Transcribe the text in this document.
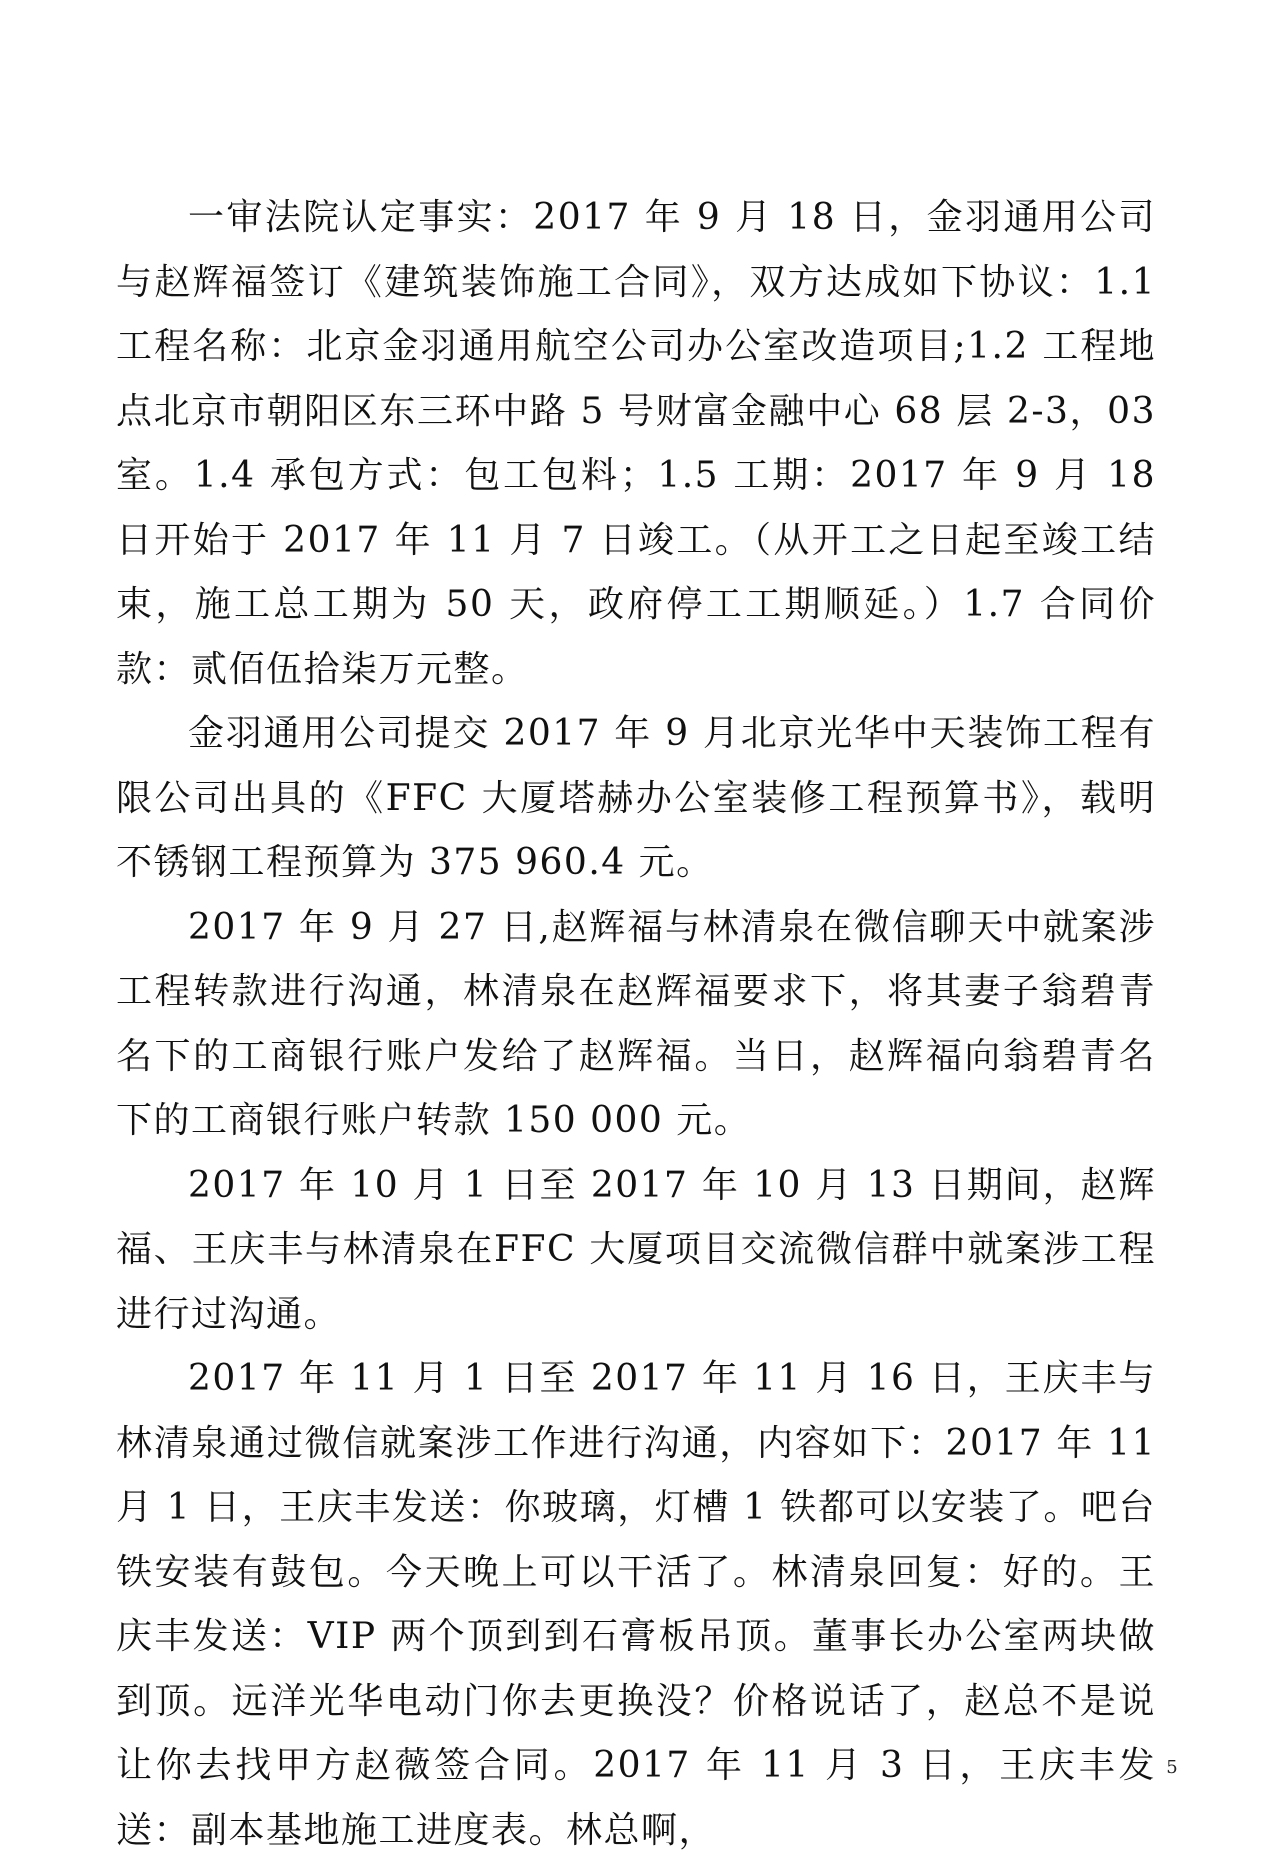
一审法院认定事实：2017 年 9 月 18 日，金羽通用公司与赵辉福签订《建筑装饰施工合同》，双方达成如下协议：1.1 工程名称：北京金羽通用航空公司办公室改造项目;1.2 工程地点北京市朝阳区东三环中路 5 号财富金融中心 68 层 2-3，03 室。1.4 承包方式：包工包料；1.5 工期：2017 年 9 月 18 日开始于 2017 年 11 月 7 日竣工。（从开工之日起至竣工结束，施工总工期为 50 天，政府停工工期顺延。）1.7 合同价款：贰佰伍拾柒万元整。

金羽通用公司提交 2017 年 9 月北京光华中天装饰工程有限公司出具的《FFC 大厦塔赫办公室装修工程预算书》，载明不锈钢工程预算为 375 960.4 元。

2017 年 9 月 27 日,赵辉福与林清泉在微信聊天中就案涉工程转款进行沟通，林清泉在赵辉福要求下，将其妻子翁碧青名下的工商银行账户发给了赵辉福。当日，赵辉福向翁碧青名下的工商银行账户转款 150 000 元。

2017 年 10 月 1 日至 2017 年 10 月 13 日期间，赵辉福、王庆丰与林清泉在FFC 大厦项目交流微信群中就案涉工程进行过沟通。

2017 年 11 月 1 日至 2017 年 11 月 16 日，王庆丰与林清泉通过微信就案涉工作进行沟通，内容如下：2017 年 11 月 1 日，王庆丰发送：你玻璃，灯槽 1 铁都可以安装了。吧台铁安装有鼓包。今天晚上可以干活了。林清泉回复：好的。王庆丰发送：VIP 两个顶到到石膏板吊顶。董事长办公室两块做到顶。远洋光华电动门你去更换没？价格说话了，赵总不是说让你去找甲方赵薇签合同。2017 年 11 月 3 日，王庆丰发送：副本基地施工进度表。林总啊，

5
